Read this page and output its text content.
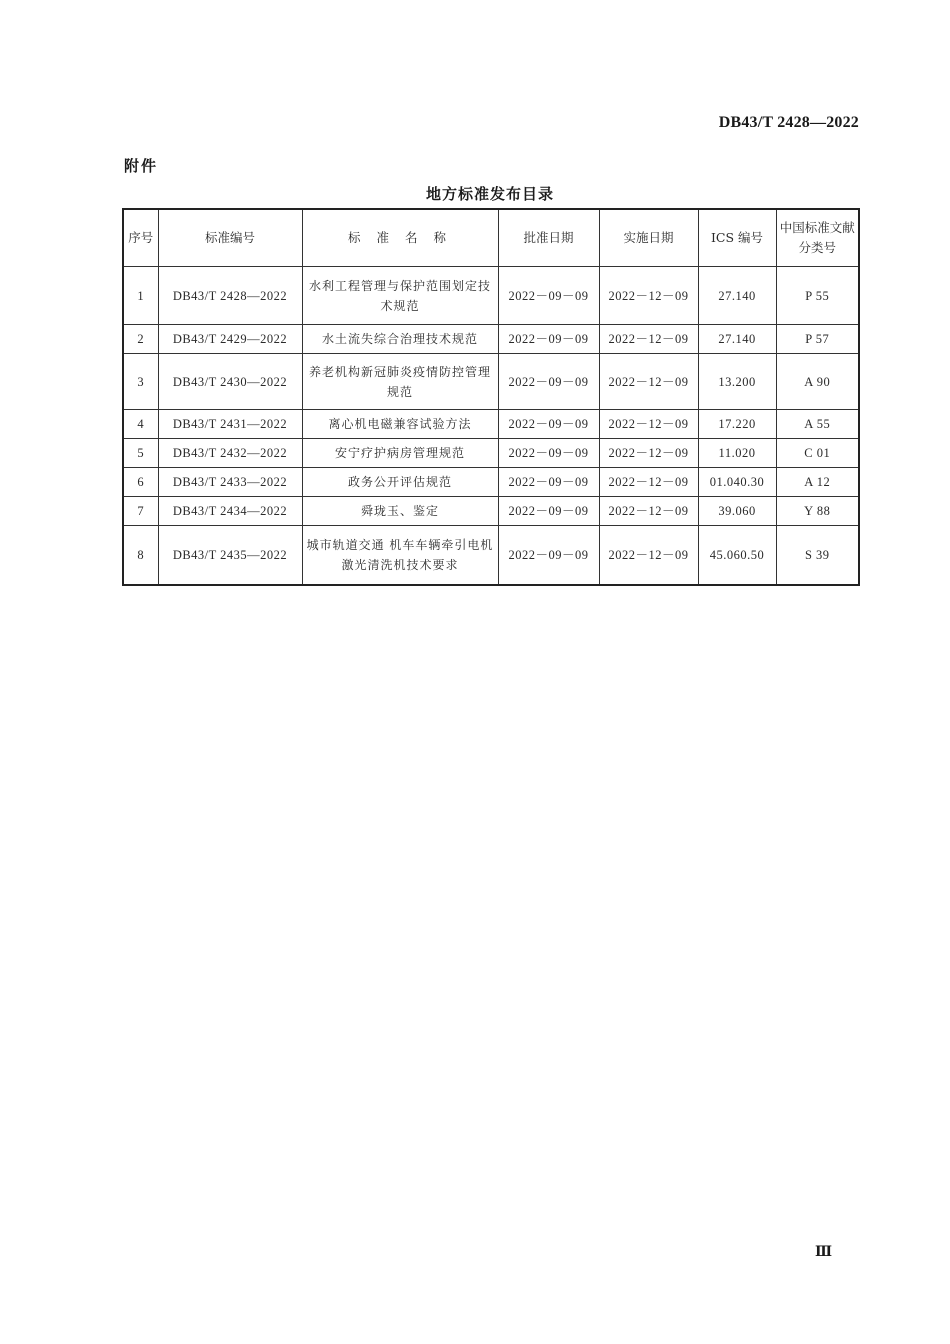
DB43/T 2428—2022
附件
地方标准发布目录
序号	标准编号	标 准 名 称	批准日期	实施日期	ICS 编号	中国标准文献分类号
1	DB43/T 2428—2022	水利工程管理与保护范围划定技术规范	2022－09－09	2022－12－09	27.140	P 55
2	DB43/T 2429—2022	水土流失综合治理技术规范	2022－09－09	2022－12－09	27.140	P 57
3	DB43/T 2430—2022	养老机构新冠肺炎疫情防控管理规范	2022－09－09	2022－12－09	13.200	A 90
4	DB43/T 2431—2022	离心机电磁兼容试验方法	2022－09－09	2022－12－09	17.220	A 55
5	DB43/T 2432—2022	安宁疗护病房管理规范	2022－09－09	2022－12－09	11.020	C 01
6	DB43/T 2433—2022	政务公开评估规范	2022－09－09	2022－12－09	01.040.30	A 12
7	DB43/T 2434—2022	舜珑玉、鉴定	2022－09－09	2022－12－09	39.060	Y 88
8	DB43/T 2435—2022	城市轨道交通 机车车辆牵引电机激光清洗机技术要求	2022－09－09	2022－12－09	45.060.50	S 39
Ⅲ
